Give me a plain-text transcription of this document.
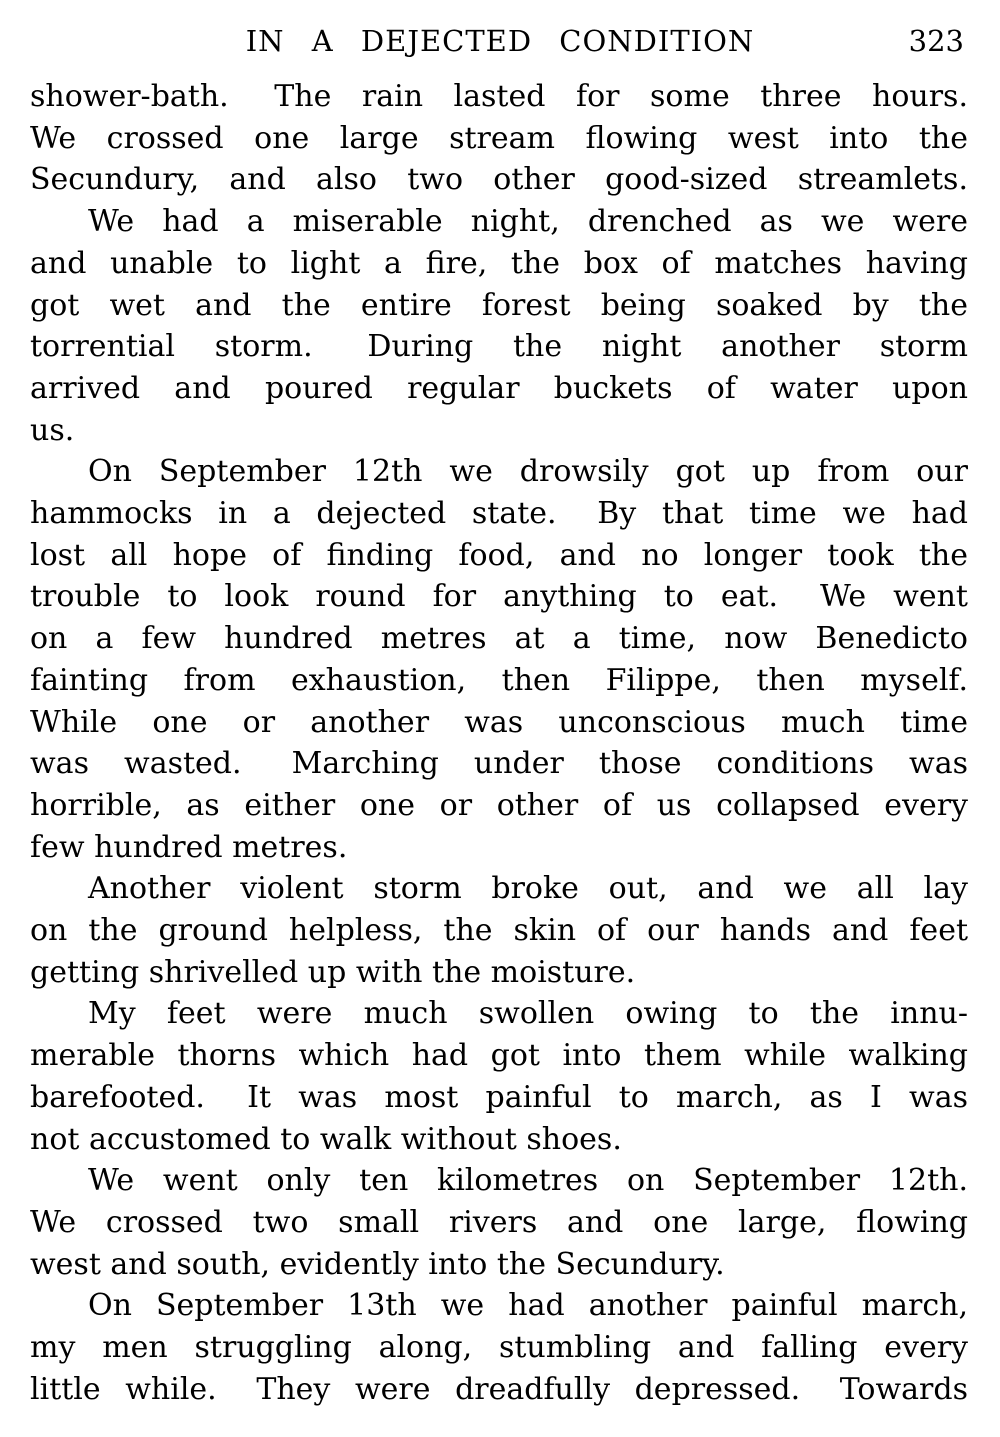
IN A DEJECTED CONDITION	323

shower-bath.  The rain lasted for some three hours.
We crossed one large stream flowing west into the
Secundury, and also two other good-sized streamlets.

We had a miserable night, drenched as we were
and unable to light a fire, the box of matches having
got wet and the entire forest being soaked by the
torrential storm.  During the night another storm
arrived and poured regular buckets of water upon
us.

On September 12th we drowsily got up from our
hammocks in a dejected state.  By that time we had
lost all hope of finding food, and no longer took the
trouble to look round for anything to eat.  We went
on a few hundred metres at a time, now Benedicto
fainting from exhaustion, then Filippe, then myself.
While one or another was unconscious much time
was wasted.  Marching under those conditions was
horrible, as either one or other of us collapsed every
few hundred metres.

Another violent storm broke out, and we all lay
on the ground helpless, the skin of our hands and feet
getting shrivelled up with the moisture.

My feet were much swollen owing to the innu-
merable thorns which had got into them while walking
barefooted.  It was most painful to march, as I was
not accustomed to walk without shoes.

We went only ten kilometres on September 12th.
We crossed two small rivers and one large, flowing
west and south, evidently into the Secundury.

On September 13th we had another painful march,
my men struggling along, stumbling and falling every
little while.  They were dreadfully depressed.  Towards
